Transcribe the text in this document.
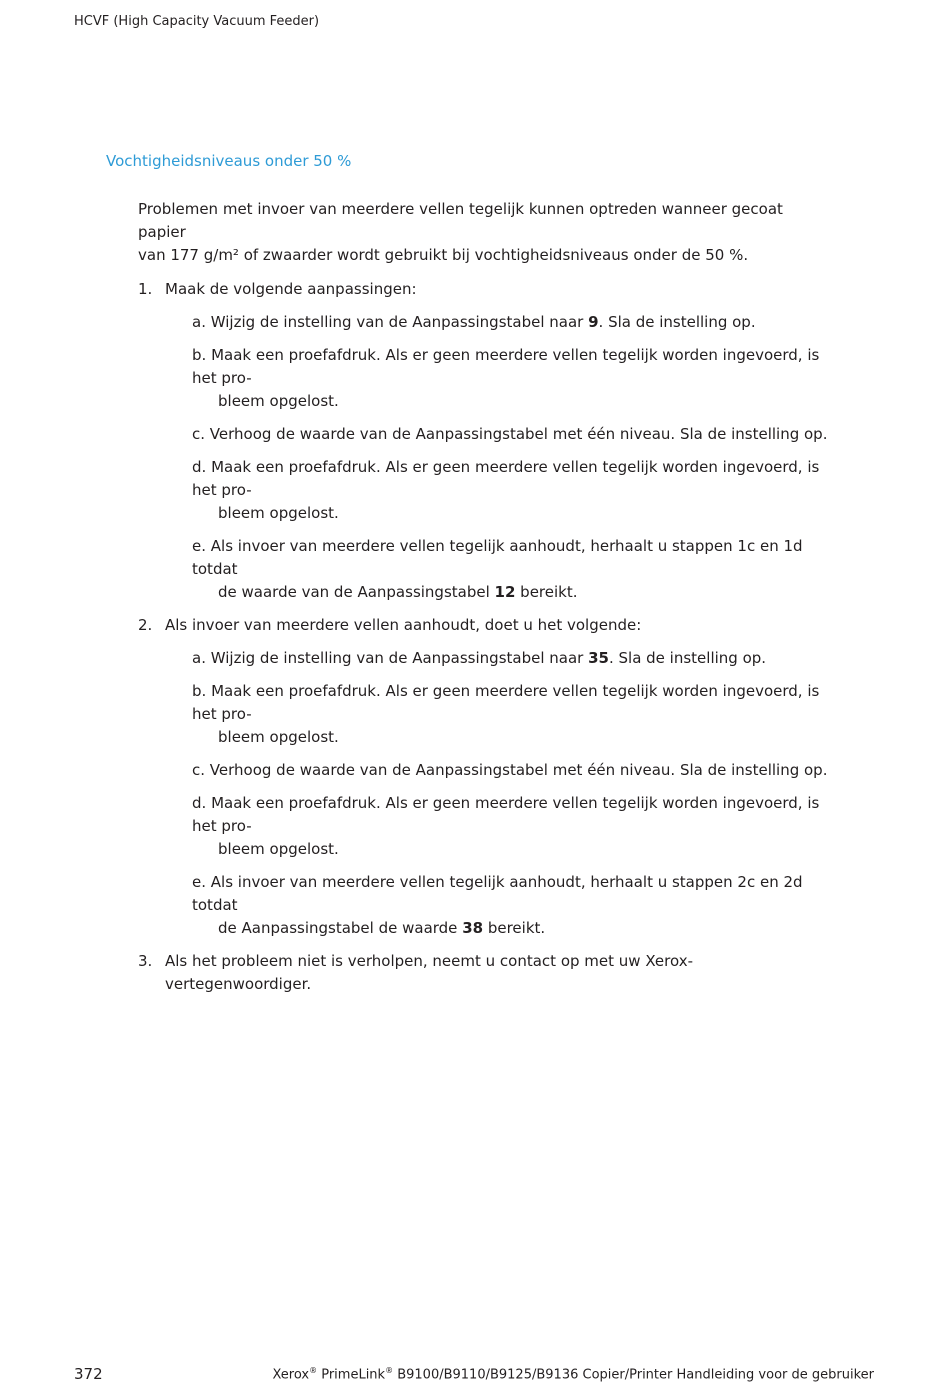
HCVF (High Capacity Vacuum Feeder)
Vochtigheidsniveaus onder 50 %

Problemen met invoer van meerdere vellen tegelijk kunnen optreden wanneer gecoat papier
van 177 g/m² of zwaarder wordt gebruikt bij vochtigheidsniveaus onder de 50 %.

1. Maak de volgende aanpassingen:
a. Wijzig de instelling van de Aanpassingstabel naar 9. Sla de instelling op.
b. Maak een proefafdruk. Als er geen meerdere vellen tegelijk worden ingevoerd, is het pro-
bleem opgelost.
c. Verhoog de waarde van de Aanpassingstabel met één niveau. Sla de instelling op.
d. Maak een proefafdruk. Als er geen meerdere vellen tegelijk worden ingevoerd, is het pro-
bleem opgelost.
e. Als invoer van meerdere vellen tegelijk aanhoudt, herhaalt u stappen 1c en 1d totdat
de waarde van de Aanpassingstabel 12 bereikt.
2. Als invoer van meerdere vellen aanhoudt, doet u het volgende:
a. Wijzig de instelling van de Aanpassingstabel naar 35. Sla de instelling op.
b. Maak een proefafdruk. Als er geen meerdere vellen tegelijk worden ingevoerd, is het pro-
bleem opgelost.
c. Verhoog de waarde van de Aanpassingstabel met één niveau. Sla de instelling op.
d. Maak een proefafdruk. Als er geen meerdere vellen tegelijk worden ingevoerd, is het pro-
bleem opgelost.
e. Als invoer van meerdere vellen tegelijk aanhoudt, herhaalt u stappen 2c en 2d totdat
de Aanpassingstabel de waarde 38 bereikt.
3. Als het probleem niet is verholpen, neemt u contact op met uw Xerox-vertegenwoordiger.
372	Xerox® PrimeLink® B9100/B9110/B9125/B9136 Copier/Printer Handleiding voor de gebruiker
